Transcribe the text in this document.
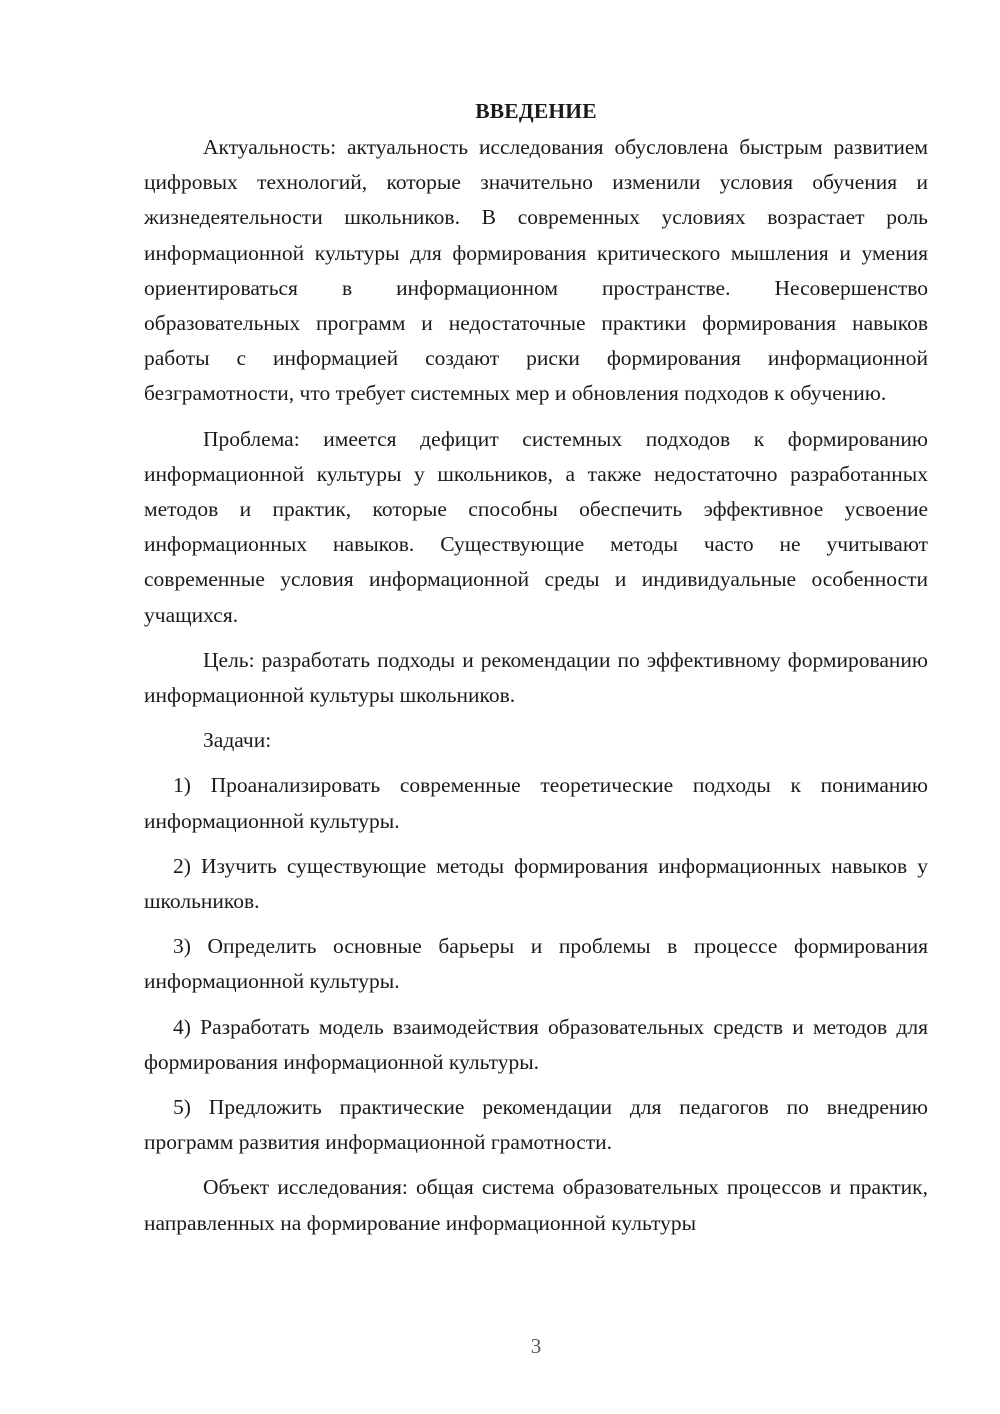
ВВЕДЕНИЕ

Актуальность: актуальность исследования обусловлена быстрым развитием цифровых технологий, которые значительно изменили условия обучения и жизнедеятельности школьников. В современных условиях возрастает роль информационной культуры для формирования критического мышления и умения ориентироваться в информационном пространстве. Несовершенство образовательных программ и недостаточные практики формирования навыков работы с информацией создают риски формирования информационной безграмотности, что требует системных мер и обновления подходов к обучению.

Проблема: имеется дефицит системных подходов к формированию информационной культуры у школьников, а также недостаточно разработанных методов и практик, которые способны обеспечить эффективное усвоение информационных навыков. Существующие методы часто не учитывают современные условия информационной среды и индивидуальные особенности учащихся.

Цель: разработать подходы и рекомендации по эффективному формированию информационной культуры школьников.

Задачи:

1) Проанализировать современные теоретические подходы к пониманию информационной культуры.

2) Изучить существующие методы формирования информационных навыков у школьников.

3) Определить основные барьеры и проблемы в процессе формирования информационной культуры.

4) Разработать модель взаимодействия образовательных средств и методов для формирования информационной культуры.

5) Предложить практические рекомендации для педагогов по внедрению программ развития информационной грамотности.

Объект исследования: общая система образовательных процессов и практик, направленных на формирование информационной культуры

3
